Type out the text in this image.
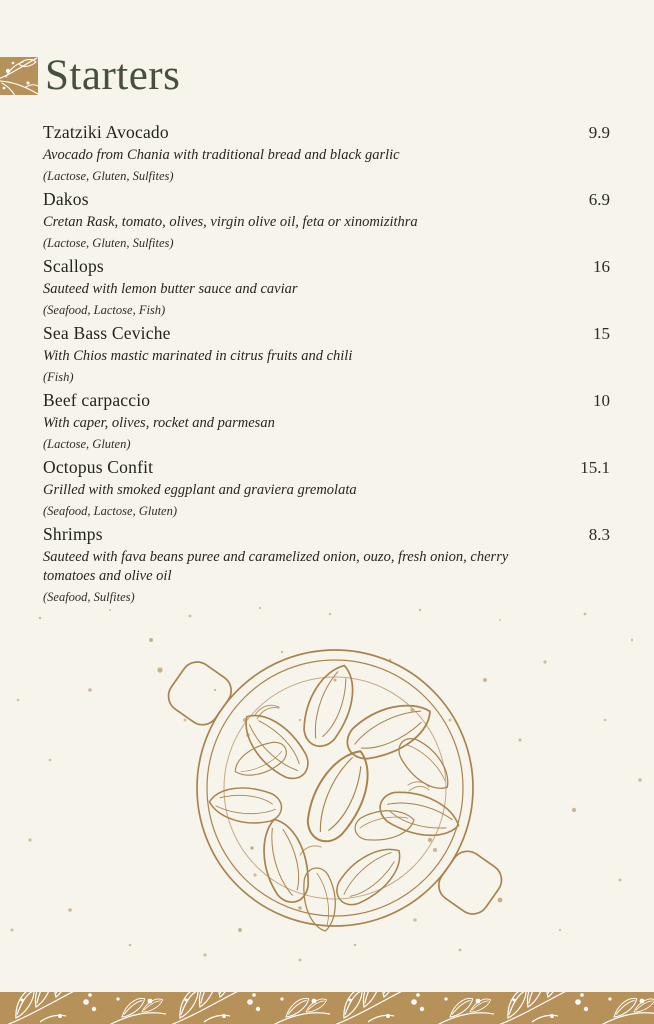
Starters
Tzatziki Avocado	9.9

Avocado from Chania with traditional bread and black garlic

(Lactose, Gluten, Sulfites)

Dakos	6.9

Cretan Rask, tomato, olives, virgin olive oil, feta or xinomizithra

(Lactose, Gluten, Sulfites)

Scallops	16

Sauteed with lemon butter sauce and caviar

(Seafood, Lactose, Fish)

Sea Bass Ceviche	15

With Chios mastic marinated in citrus fruits and chili

(Fish)

Beef carpaccio	10

With caper, olives, rocket and parmesan

(Lactose, Gluten)

Octopus Confit	15.1

Grilled with smoked eggplant and graviera gremolata

(Seafood, Lactose, Gluten)

Shrimps	8.3

Sauteed with fava beans puree and caramelized onion, ouzo, fresh onion, cherry tomatoes and olive oil

(Seafood, Sulfites)
